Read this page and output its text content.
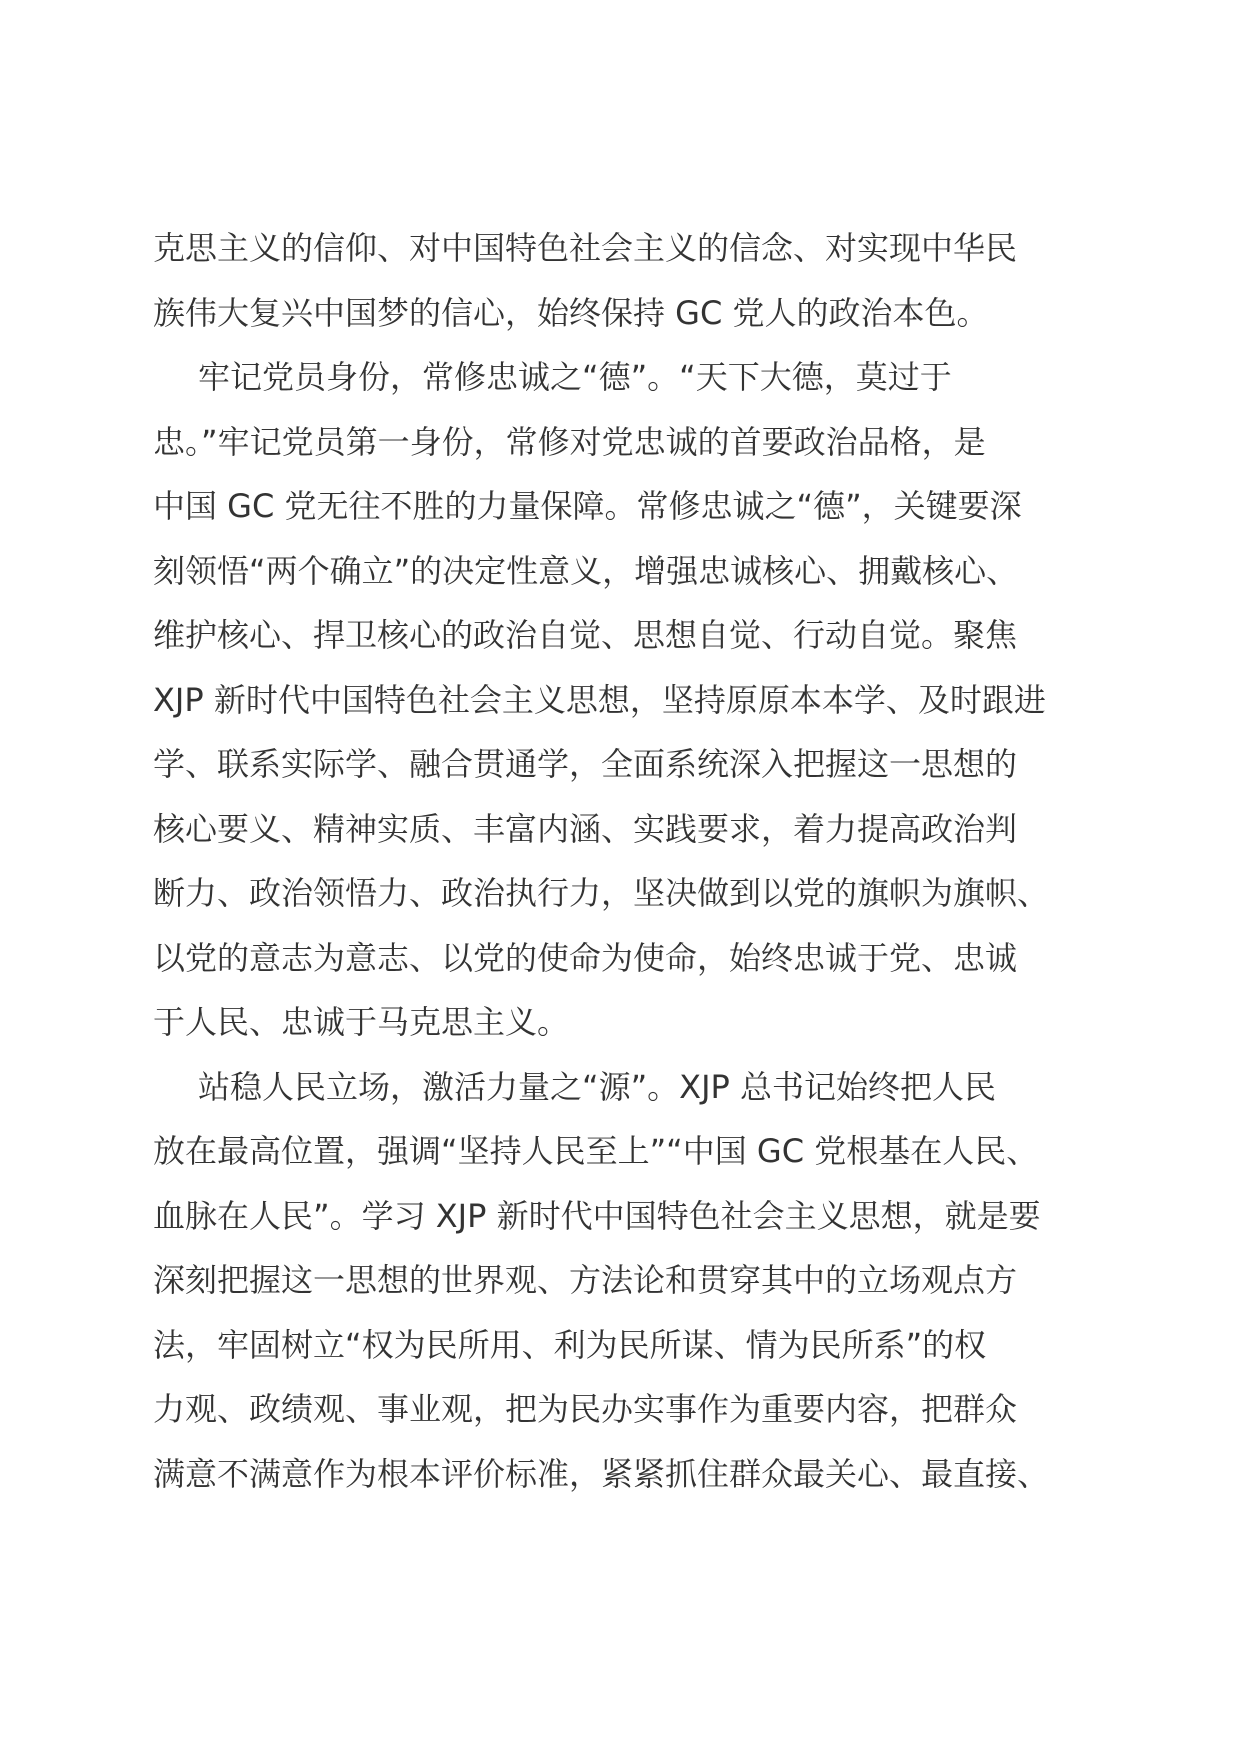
克思主义的信仰、对中国特色社会主义的信念、对实现中华民
族伟大复兴中国梦的信心，始终保持 GC 党人的政治本色。
牢记党员身份，常修忠诚之“德”。“天下大德，莫过于
忠。”牢记党员第一身份，常修对党忠诚的首要政治品格，是
中国 GC 党无往不胜的力量保障。常修忠诚之“德”，关键要深
刻领悟“两个确立”的决定性意义，增强忠诚核心、拥戴核心、
维护核心、捍卫核心的政治自觉、思想自觉、行动自觉。聚焦
XJP 新时代中国特色社会主义思想，坚持原原本本学、及时跟进
学、联系实际学、融合贯通学，全面系统深入把握这一思想的
核心要义、精神实质、丰富内涵、实践要求，着力提高政治判
断力、政治领悟力、政治执行力，坚决做到以党的旗帜为旗帜、
以党的意志为意志、以党的使命为使命，始终忠诚于党、忠诚
于人民、忠诚于马克思主义。
站稳人民立场，激活力量之“源”。XJP 总书记始终把人民
放在最高位置，强调“坚持人民至上”“中国 GC 党根基在人民、
血脉在人民”。学习 XJP 新时代中国特色社会主义思想，就是要
深刻把握这一思想的世界观、方法论和贯穿其中的立场观点方
法，牢固树立“权为民所用、利为民所谋、情为民所系”的权
力观、政绩观、事业观，把为民办实事作为重要内容，把群众
满意不满意作为根本评价标准，紧紧抓住群众最关心、最直接、
